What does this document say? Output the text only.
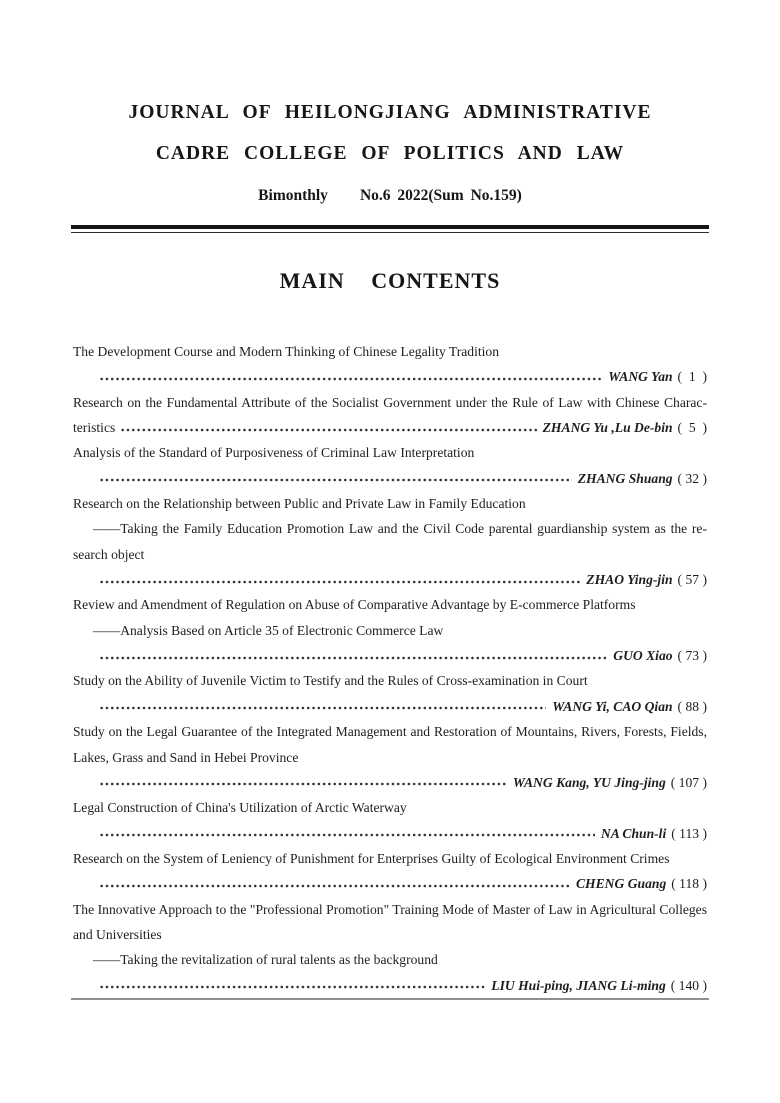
JOURNAL OF HEILONGJIANG ADMINISTRATIVE
CADRE COLLEGE OF POLITICS AND LAW
Bimonthly No.6 2022(Sum No.159)
MAIN CONTENTS
The Development Course and Modern Thinking of Chinese Legality Tradition
WANG Yan (  1  )
Research on the Fundamental Attribute of the Socialist Government under the Rule of Law with Chinese Charac-
teristics	ZHANG Yu ,Lu De-bin (  5  )
Analysis of the Standard of Purposiveness of Criminal Law Interpretation
ZHANG Shuang ( 32 )
Research on the Relationship between Public and Private Law in Family Education
——Taking the Family Education Promotion Law and the Civil Code parental guardianship system as the re-
search object
ZHAO Ying-jin ( 57 )
Review and Amendment of Regulation on Abuse of Comparative Advantage by E-commerce Platforms
——Analysis Based on Article 35 of Electronic Commerce Law
GUO Xiao ( 73 )
Study on the Ability of Juvenile Victim to Testify and the Rules of Cross-examination in Court
WANG Yi, CAO Qian ( 88 )
Study on the Legal Guarantee of the Integrated Management and Restoration of Mountains, Rivers, Forests, Fields,
Lakes, Grass and Sand in Hebei Province
WANG Kang, YU Jing-jing ( 107 )
Legal Construction of China's Utilization of Arctic Waterway
NA Chun-li ( 113 )
Research on the System of Leniency of Punishment for Enterprises Guilty of Ecological Environment Crimes
CHENG Guang ( 118 )
The Innovative Approach to the "Professional Promotion" Training Mode of Master of Law in Agricultural Colleges
and Universities
——Taking the revitalization of rural talents as the background
LIU Hui-ping, JIANG Li-ming ( 140 )
